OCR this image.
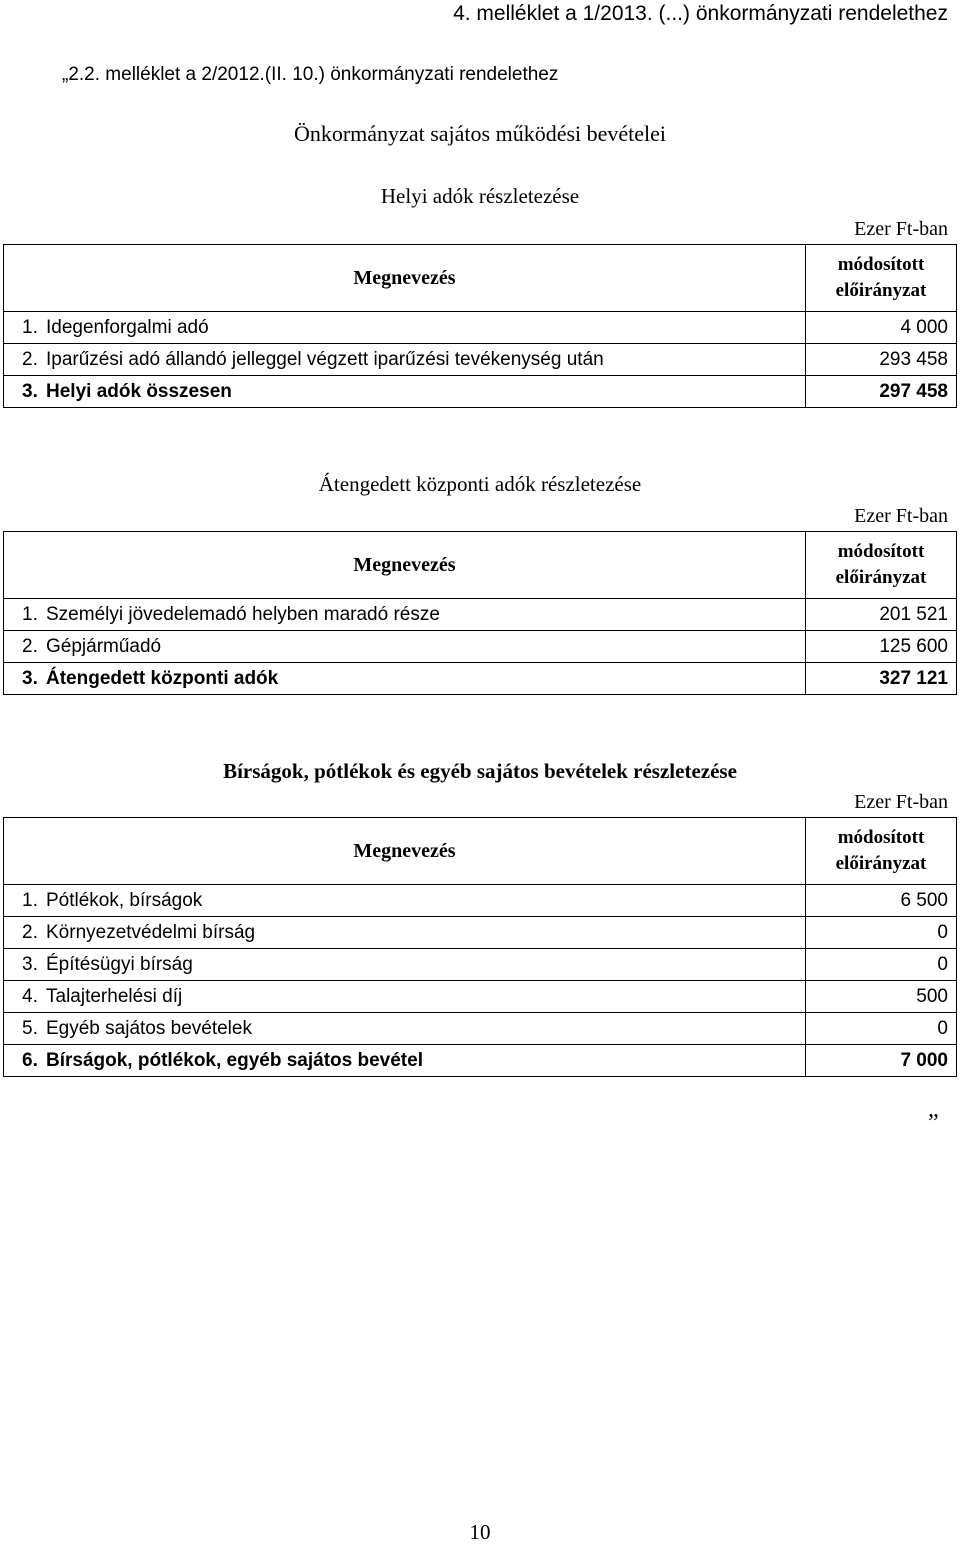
4. melléklet a 1/2013. (...) önkormányzati rendelethez
„2.2. melléklet a 2/2012.(II. 10.) önkormányzati rendelethez
Önkormányzat sajátos működési bevételei
Helyi adók részletezése
Ezer Ft-ban
Megnevezés	módosított
előirányzat
1. Idegenforgalmi adó	4 000
2. Iparűzési adó állandó jelleggel végzett iparűzési tevékenység után	293 458
3. Helyi adók összesen	297 458
Átengedett központi adók részletezése
Ezer Ft-ban
Megnevezés	módosított
előirányzat
1. Személyi jövedelemadó helyben maradó része	201 521
2. Gépjárműadó	125 600
3. Átengedett központi adók	327 121
Bírságok, pótlékok és egyéb sajátos bevételek részletezése
Ezer Ft-ban
Megnevezés	módosított
előirányzat
1. Pótlékok, bírságok	6 500
2. Környezetvédelmi bírság	0
3. Építésügyi bírság	0
4. Talajterhelési díj	500
5. Egyéb sajátos bevételek	0
6. Bírságok, pótlékok, egyéb sajátos bevétel	7 000
”
10
